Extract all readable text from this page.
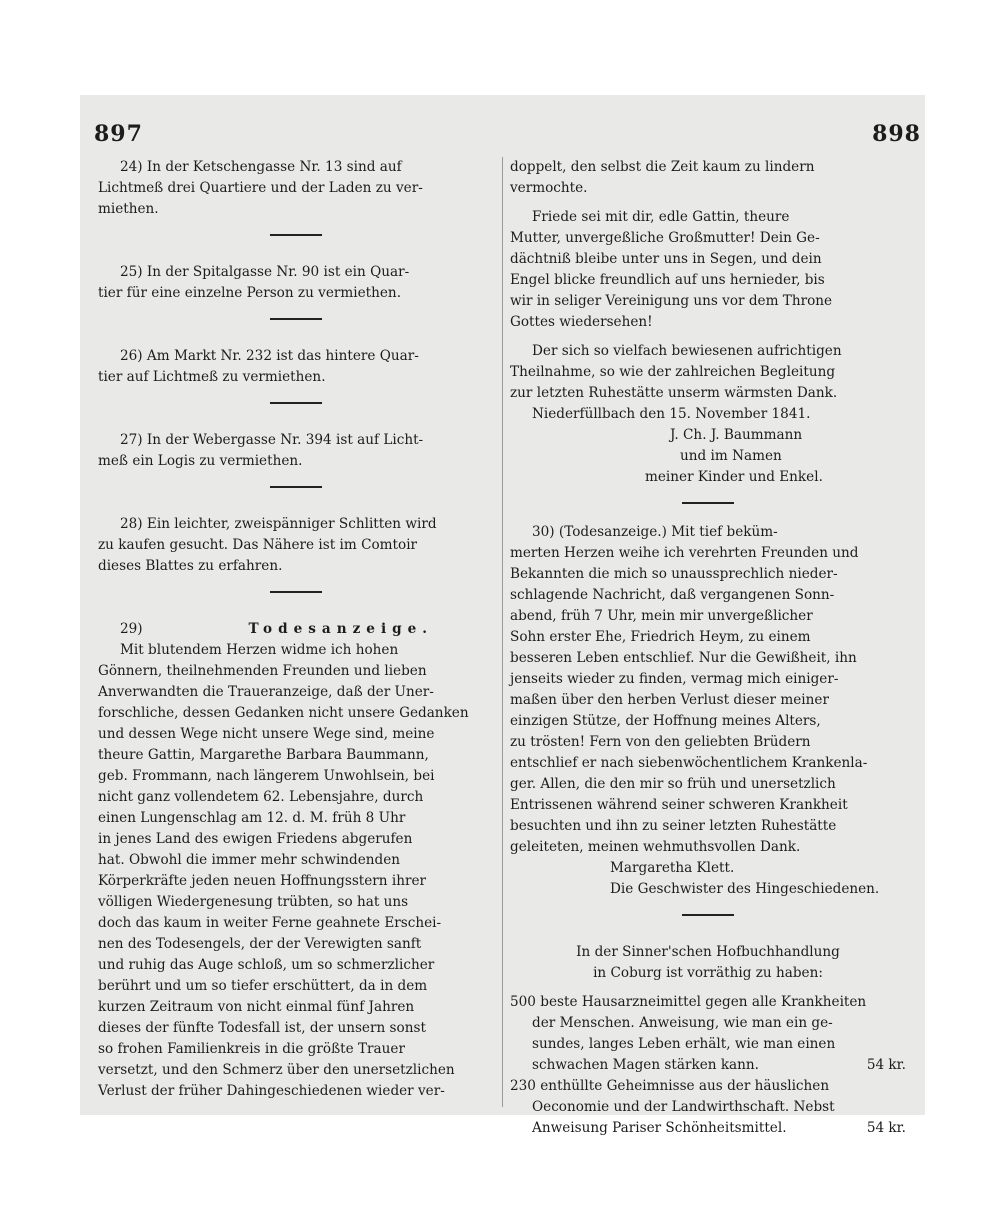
897	898
24) In der Ketschengasse Nr. 13 sind auf
Lichtmeß drei Quartiere und der Laden zu ver-
miethen.
25) In der Spitalgasse Nr. 90 ist ein Quar-
tier für eine einzelne Person zu vermiethen.
26) Am Markt Nr. 232 ist das hintere Quar-
tier auf Lichtmeß zu vermiethen.
27) In der Webergasse Nr. 394 ist auf Licht-
meß ein Logis zu vermiethen.
28) Ein leichter, zweispänniger Schlitten wird
zu kaufen gesucht. Das Nähere ist im Comtoir
dieses Blattes zu erfahren.
29)	Todesanzeige.
Mit blutendem Herzen widme ich hohen
Gönnern, theilnehmenden Freunden und lieben
Anverwandten die Traueranzeige, daß der Uner-
forschliche, dessen Gedanken nicht unsere Gedanken
und dessen Wege nicht unsere Wege sind, meine
theure Gattin, Margarethe Barbara Baummann,
geb. Frommann, nach längerem Unwohlsein, bei
nicht ganz vollendetem 62. Lebensjahre, durch
einen Lungenschlag am 12. d. M. früh 8 Uhr
in jenes Land des ewigen Friedens abgerufen
hat. Obwohl die immer mehr schwindenden
Körperkräfte jeden neuen Hoffnungsstern ihrer
völligen Wiedergenesung trübten, so hat uns
doch das kaum in weiter Ferne geahnete Erschei-
nen des Todesengels, der der Verewigten sanft
und ruhig das Auge schloß, um so schmerzlicher
berührt und um so tiefer erschüttert, da in dem
kurzen Zeitraum von nicht einmal fünf Jahren
dieses der fünfte Todesfall ist, der unsern sonst
so frohen Familienkreis in die größte Trauer
versetzt, und den Schmerz über den unersetzlichen
Verlust der früher Dahingeschiedenen wieder ver-
doppelt, den selbst die Zeit kaum zu lindern
vermochte.
Friede sei mit dir, edle Gattin, theure
Mutter, unvergeßliche Großmutter! Dein Ge-
dächtniß bleibe unter uns in Segen, und dein
Engel blicke freundlich auf uns hernieder, bis
wir in seliger Vereinigung uns vor dem Throne
Gottes wiedersehen!
Der sich so vielfach bewiesenen aufrichtigen
Theilnahme, so wie der zahlreichen Begleitung
zur letzten Ruhestätte unserm wärmsten Dank.
Niederfüllbach den 15. November 1841.
J. Ch. J. Baummann
und im Namen
meiner Kinder und Enkel.
30) (Todesanzeige.) Mit tief beküm-
merten Herzen weihe ich verehrten Freunden und
Bekannten die mich so unaussprechlich nieder-
schlagende Nachricht, daß vergangenen Sonn-
abend, früh 7 Uhr, mein mir unvergeßlicher
Sohn erster Ehe, Friedrich Heym, zu einem
besseren Leben entschlief. Nur die Gewißheit, ihn
jenseits wieder zu finden, vermag mich einiger-
maßen über den herben Verlust dieser meiner
einzigen Stütze, der Hoffnung meines Alters,
zu trösten! Fern von den geliebten Brüdern
entschlief er nach siebenwöchentlichem Krankenla-
ger. Allen, die den mir so früh und unersetzlich
Entrissenen während seiner schweren Krankheit
besuchten und ihn zu seiner letzten Ruhestätte
geleiteten, meinen wehmuthsvollen Dank.
Margaretha Klett.
Die Geschwister des Hingeschiedenen.
In der Sinner'schen Hofbuchhandlung
in Coburg ist vorräthig zu haben:
500 beste Hausarzneimittel gegen alle Krankheiten
der Menschen. Anweisung, wie man ein ge-
sundes, langes Leben erhält, wie man einen
schwachen Magen stärken kann.	54 kr.
230 enthüllte Geheimnisse aus der häuslichen
Oeconomie und der Landwirthschaft. Nebst
Anweisung Pariser Schönheitsmittel.	54 kr.
